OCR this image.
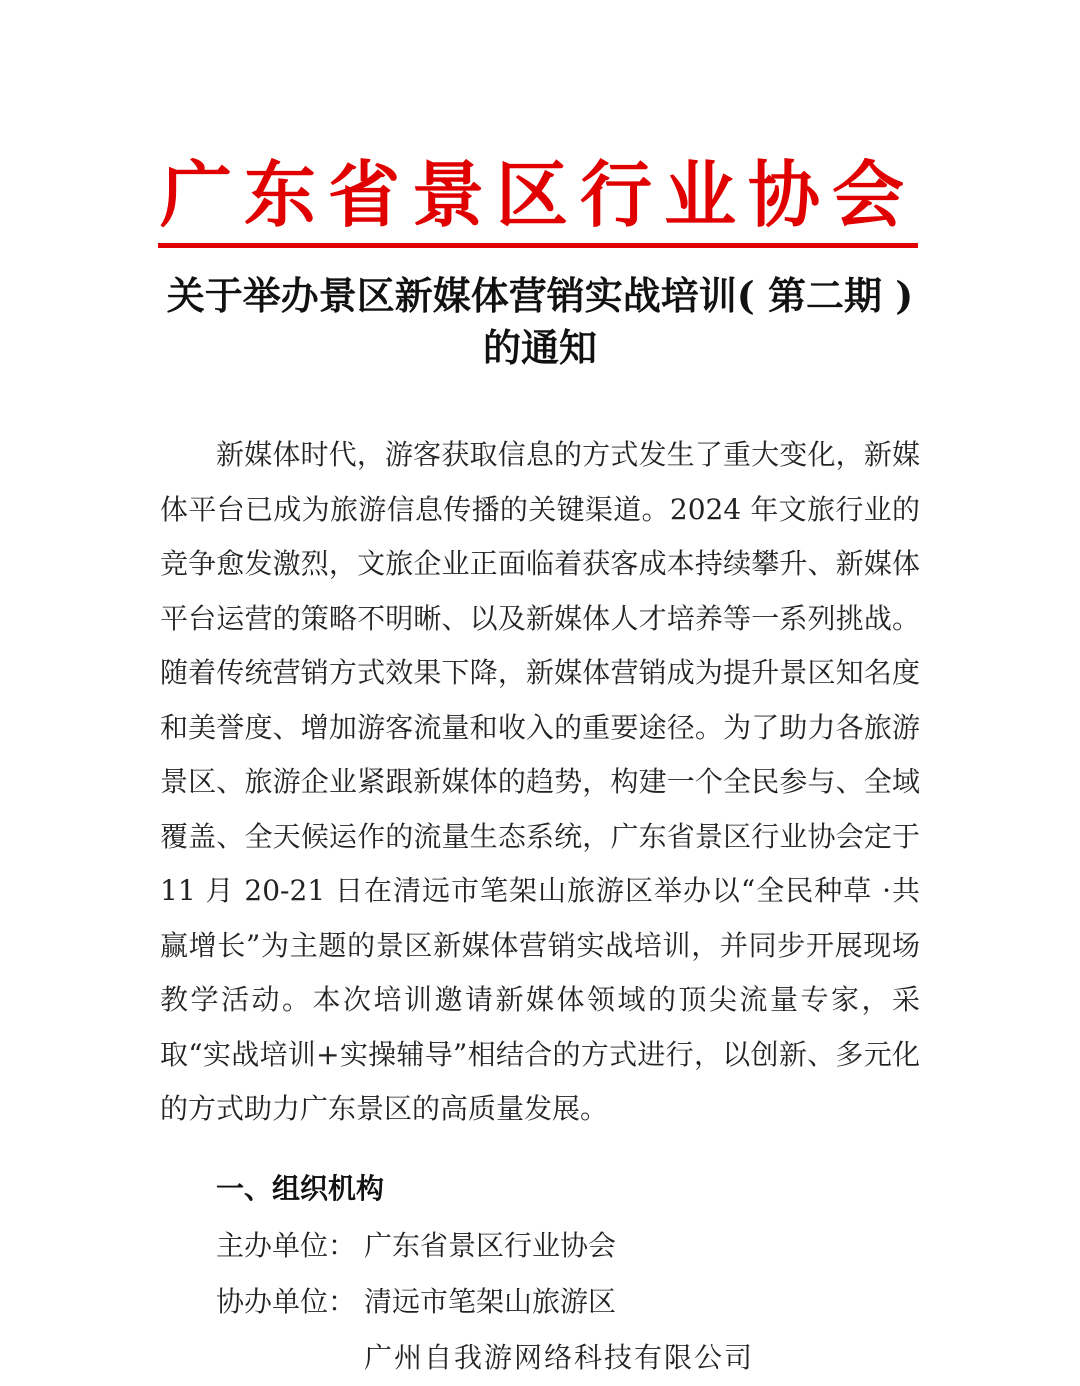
广东省景区行业协会
关于举办景区新媒体营销实战培训( 第二期 )
的通知

新媒体时代，游客获取信息的方式发生了重大变化，新媒体平台已成为旅游信息传播的关键渠道。2024 年文旅行业的竞争愈发激烈，文旅企业正面临着获客成本持续攀升、新媒体平台运营的策略不明晰、以及新媒体人才培养等一系列挑战。随着传统营销方式效果下降，新媒体营销成为提升景区知名度和美誉度、增加游客流量和收入的重要途径。为了助力各旅游景区、旅游企业紧跟新媒体的趋势，构建一个全民参与、全域覆盖、全天候运作的流量生态系统，广东省景区行业协会定于 11 月 20-21 日在清远市笔架山旅游区举办以“全民种草 ·共赢增长”为主题的景区新媒体营销实战培训，并同步开展现场教学活动。本次培训邀请新媒体领域的顶尖流量专家，采取“实战培训+实操辅导”相结合的方式进行，以创新、多元化的方式助力广东景区的高质量发展。

一、组织机构
主办单位： 广东省景区行业协会
协办单位： 清远市笔架山旅游区
广州自我游网络科技有限公司
